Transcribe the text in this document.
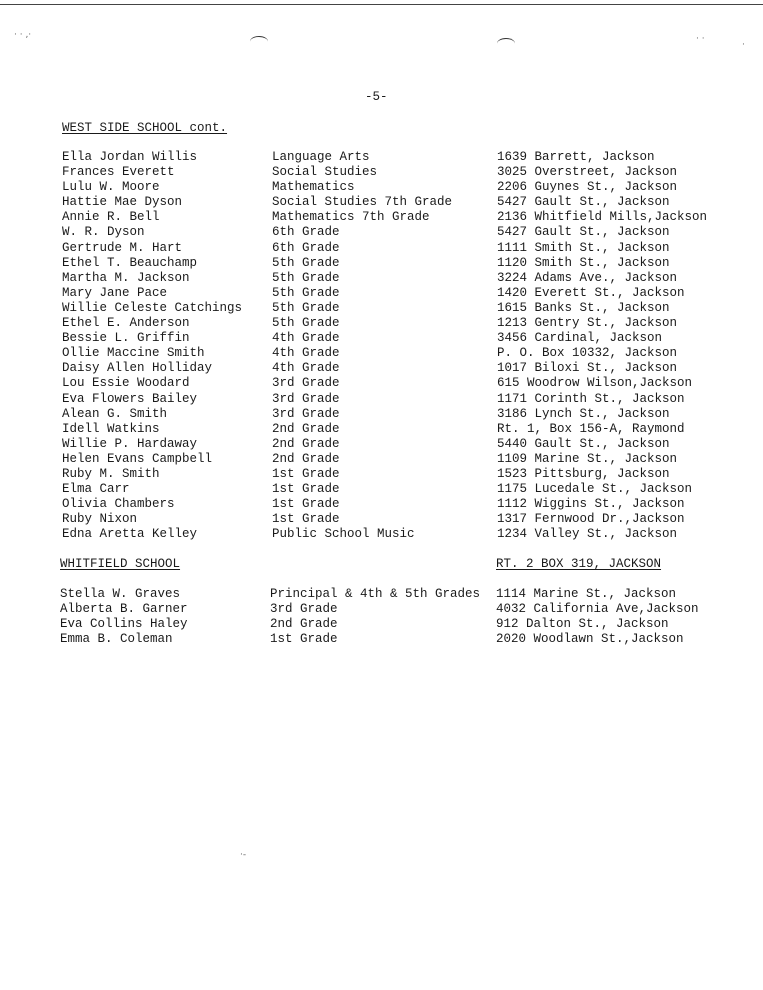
· · ,·	· ·
·
·-
-5-
WEST SIDE SCHOOL cont.
Ella Jordan Willis	Language Arts	1639 Barrett, Jackson
Frances Everett	Social Studies	3025 Overstreet, Jackson
Lulu W. Moore	Mathematics	2206 Guynes St., Jackson
Hattie Mae Dyson	Social Studies 7th Grade	5427 Gault St., Jackson
Annie R. Bell	Mathematics 7th Grade	2136 Whitfield Mills,Jackson
W. R. Dyson	6th Grade	5427 Gault St., Jackson
Gertrude M. Hart	6th Grade	1111 Smith St., Jackson
Ethel T. Beauchamp	5th Grade	1120 Smith St., Jackson
Martha M. Jackson	5th Grade	3224 Adams Ave., Jackson
Mary Jane Pace	5th Grade	1420 Everett St., Jackson
Willie Celeste Catchings 5th Grade	1615 Banks St., Jackson
Ethel E. Anderson	5th Grade	1213 Gentry St., Jackson
Bessie L. Griffin	4th Grade	3456 Cardinal, Jackson
Ollie Maccine Smith	4th Grade	P. O. Box 10332, Jackson
Daisy Allen Holliday	4th Grade	1017 Biloxi St., Jackson
Lou Essie Woodard	3rd Grade	615 Woodrow Wilson,Jackson
Eva Flowers Bailey	3rd Grade	1171 Corinth St., Jackson
Alean G. Smith	3rd Grade	3186 Lynch St., Jackson
Idell Watkins	2nd Grade	Rt. 1, Box 156-A, Raymond
Willie P. Hardaway	2nd Grade	5440 Gault St., Jackson
Helen Evans Campbell	2nd Grade	1109 Marine St., Jackson
Ruby M. Smith	1st Grade	1523 Pittsburg, Jackson
Elma Carr	1st Grade	1175 Lucedale St., Jackson
Olivia Chambers	1st Grade	1112 Wiggins St., Jackson
Ruby Nixon	1st Grade	1317 Fernwood Dr.,Jackson
Edna Aretta Kelley	Public School Music	1234 Valley St., Jackson
WHITFIELD SCHOOL	RT. 2 BOX 319, JACKSON
Stella W. Graves	Principal & 4th & 5th Grades 1114 Marine St., Jackson
Alberta B. Garner	3rd Grade	4032 California Ave,Jackson
Eva Collins Haley	2nd Grade	912 Dalton St., Jackson
Emma B. Coleman	1st Grade	2020 Woodlawn St.,Jackson
